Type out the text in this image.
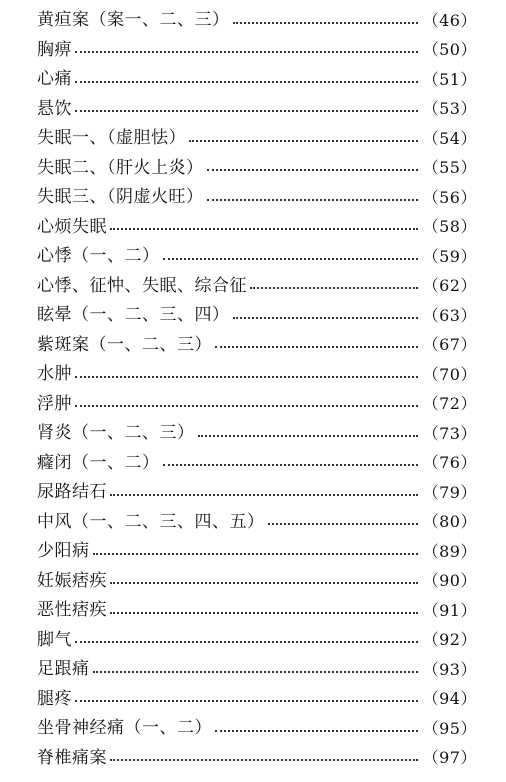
黄疸案（案一、二、三）	（46）
胸痹	（50）
心痛	（51）
悬饮	（53）
失眠一、（虚胆怯）	（54）
失眠二、（肝火上炎）	（55）
失眠三、（阴虚火旺）	（56）
心烦失眠	（58）
心悸（一、二）	（59）
心悸、征忡、失眠、综合征	（62）
眩晕（一、二、三、四）	（63）
紫斑案（一、二、三）	（67）
水肿	（70）
浮肿	（72）
肾炎（一、二、三）	（73）
癃闭（一、二）	（76）
尿路结石	（79）
中风（一、二、三、四、五）	（80）
少阳病	（89）
妊娠痞疾	（90）
恶性痞疾	（91）
脚气	（92）
足跟痛	（93）
腿疼	（94）
坐骨神经痛（一、二）	（95）
脊椎痛案	（97）
